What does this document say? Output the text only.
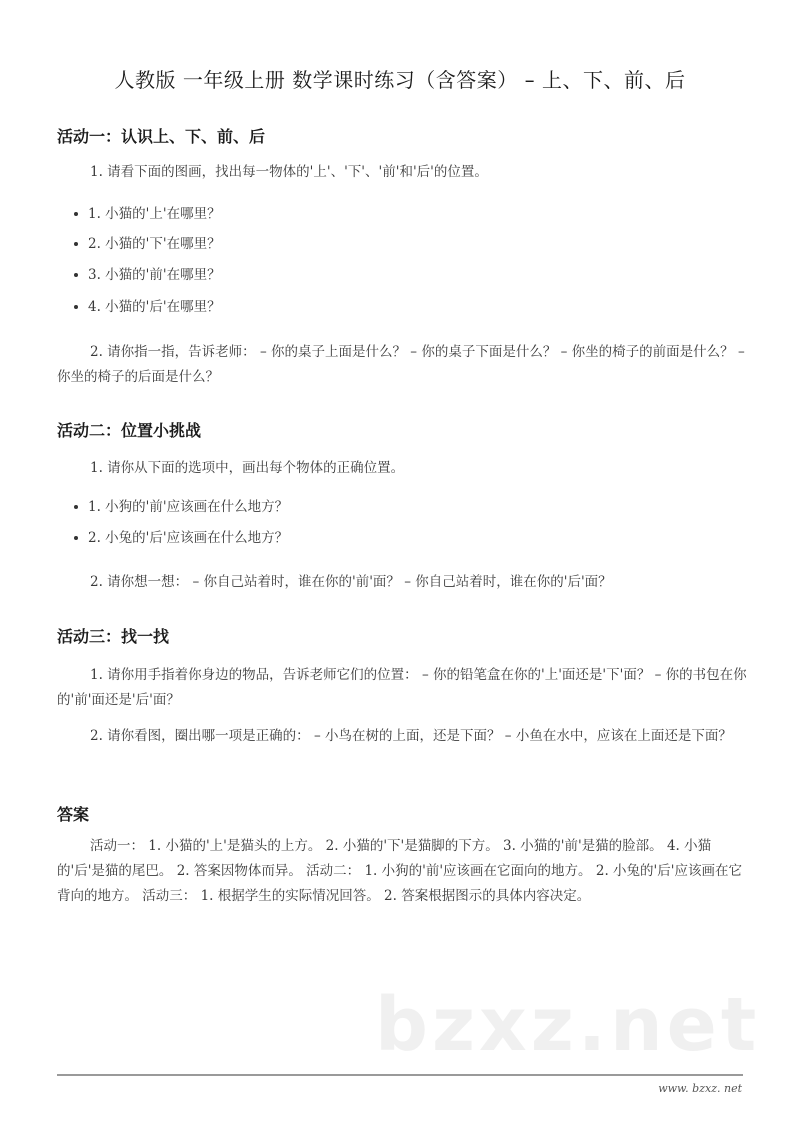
人教版 一年级上册 数学课时练习（含答案） – 上、下、前、后
活动一：认识上、下、前、后

1. 请看下面的图画，找出每一物体的'上'、'下'、'前'和'后'的位置。

1. 小猫的'上'在哪里？
2. 小猫的'下'在哪里？
3. 小猫的'前'在哪里？
4. 小猫的'后'在哪里？

2. 请你指一指，告诉老师： – 你的桌子上面是什么？ – 你的桌子下面是什么？ – 你坐的椅子的前面是什么？ – 你坐的椅子的后面是什么？

活动二：位置小挑战

1. 请你从下面的选项中，画出每个物体的正确位置。

1. 小狗的'前'应该画在什么地方？
2. 小兔的'后'应该画在什么地方？

2. 请你想一想： – 你自己站着时，谁在你的'前'面？ – 你自己站着时，谁在你的'后'面？

活动三：找一找

1. 请你用手指着你身边的物品，告诉老师它们的位置： – 你的铅笔盒在你的'上'面还是'下'面？ – 你的书包在你的'前'面还是'后'面？

2. 请你看图，圈出哪一项是正确的： – 小鸟在树的上面，还是下面？ – 小鱼在水中，应该在上面还是下面？

答案

活动一： 1. 小猫的'上'是猫头的上方。 2. 小猫的'下'是猫脚的下方。 3. 小猫的'前'是猫的脸部。 4. 小猫的'后'是猫的尾巴。 2. 答案因物体而异。 活动二： 1. 小狗的'前'应该画在它面向的地方。 2. 小兔的'后'应该画在它背向的地方。 活动三： 1. 根据学生的实际情况回答。 2. 答案根据图示的具体内容决定。

bzxz.net
www. bzxz. net
